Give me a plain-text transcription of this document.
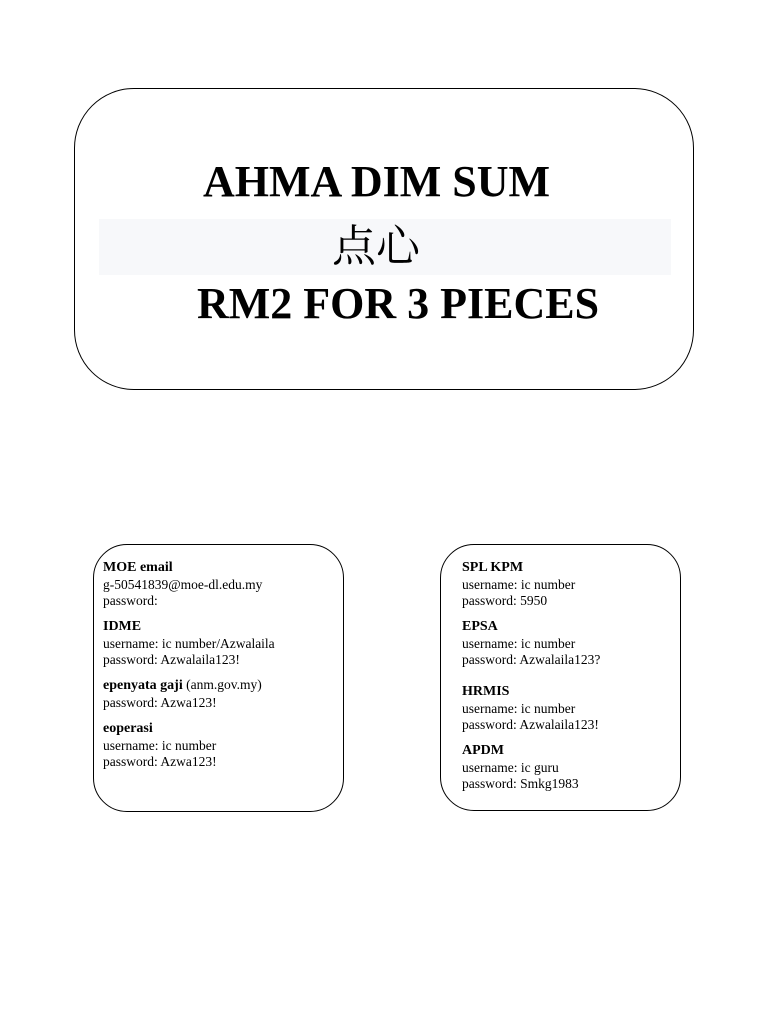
AHMA DIM SUM
点心
RM2 FOR 3 PIECES
MOE email
g-50541839@moe-dl.edu.my
password:
IDME
username: ic number/Azwalaila
password: Azwalaila123!
epenyata gaji (anm.gov.my)
password: Azwa123!
eoperasi
username: ic number
password: Azwa123!
SPL KPM
username: ic number
password: 5950
EPSA
username: ic number
password: Azwalaila123?
HRMIS
username: ic number
password: Azwalaila123!
APDM
username: ic guru
password: Smkg1983
